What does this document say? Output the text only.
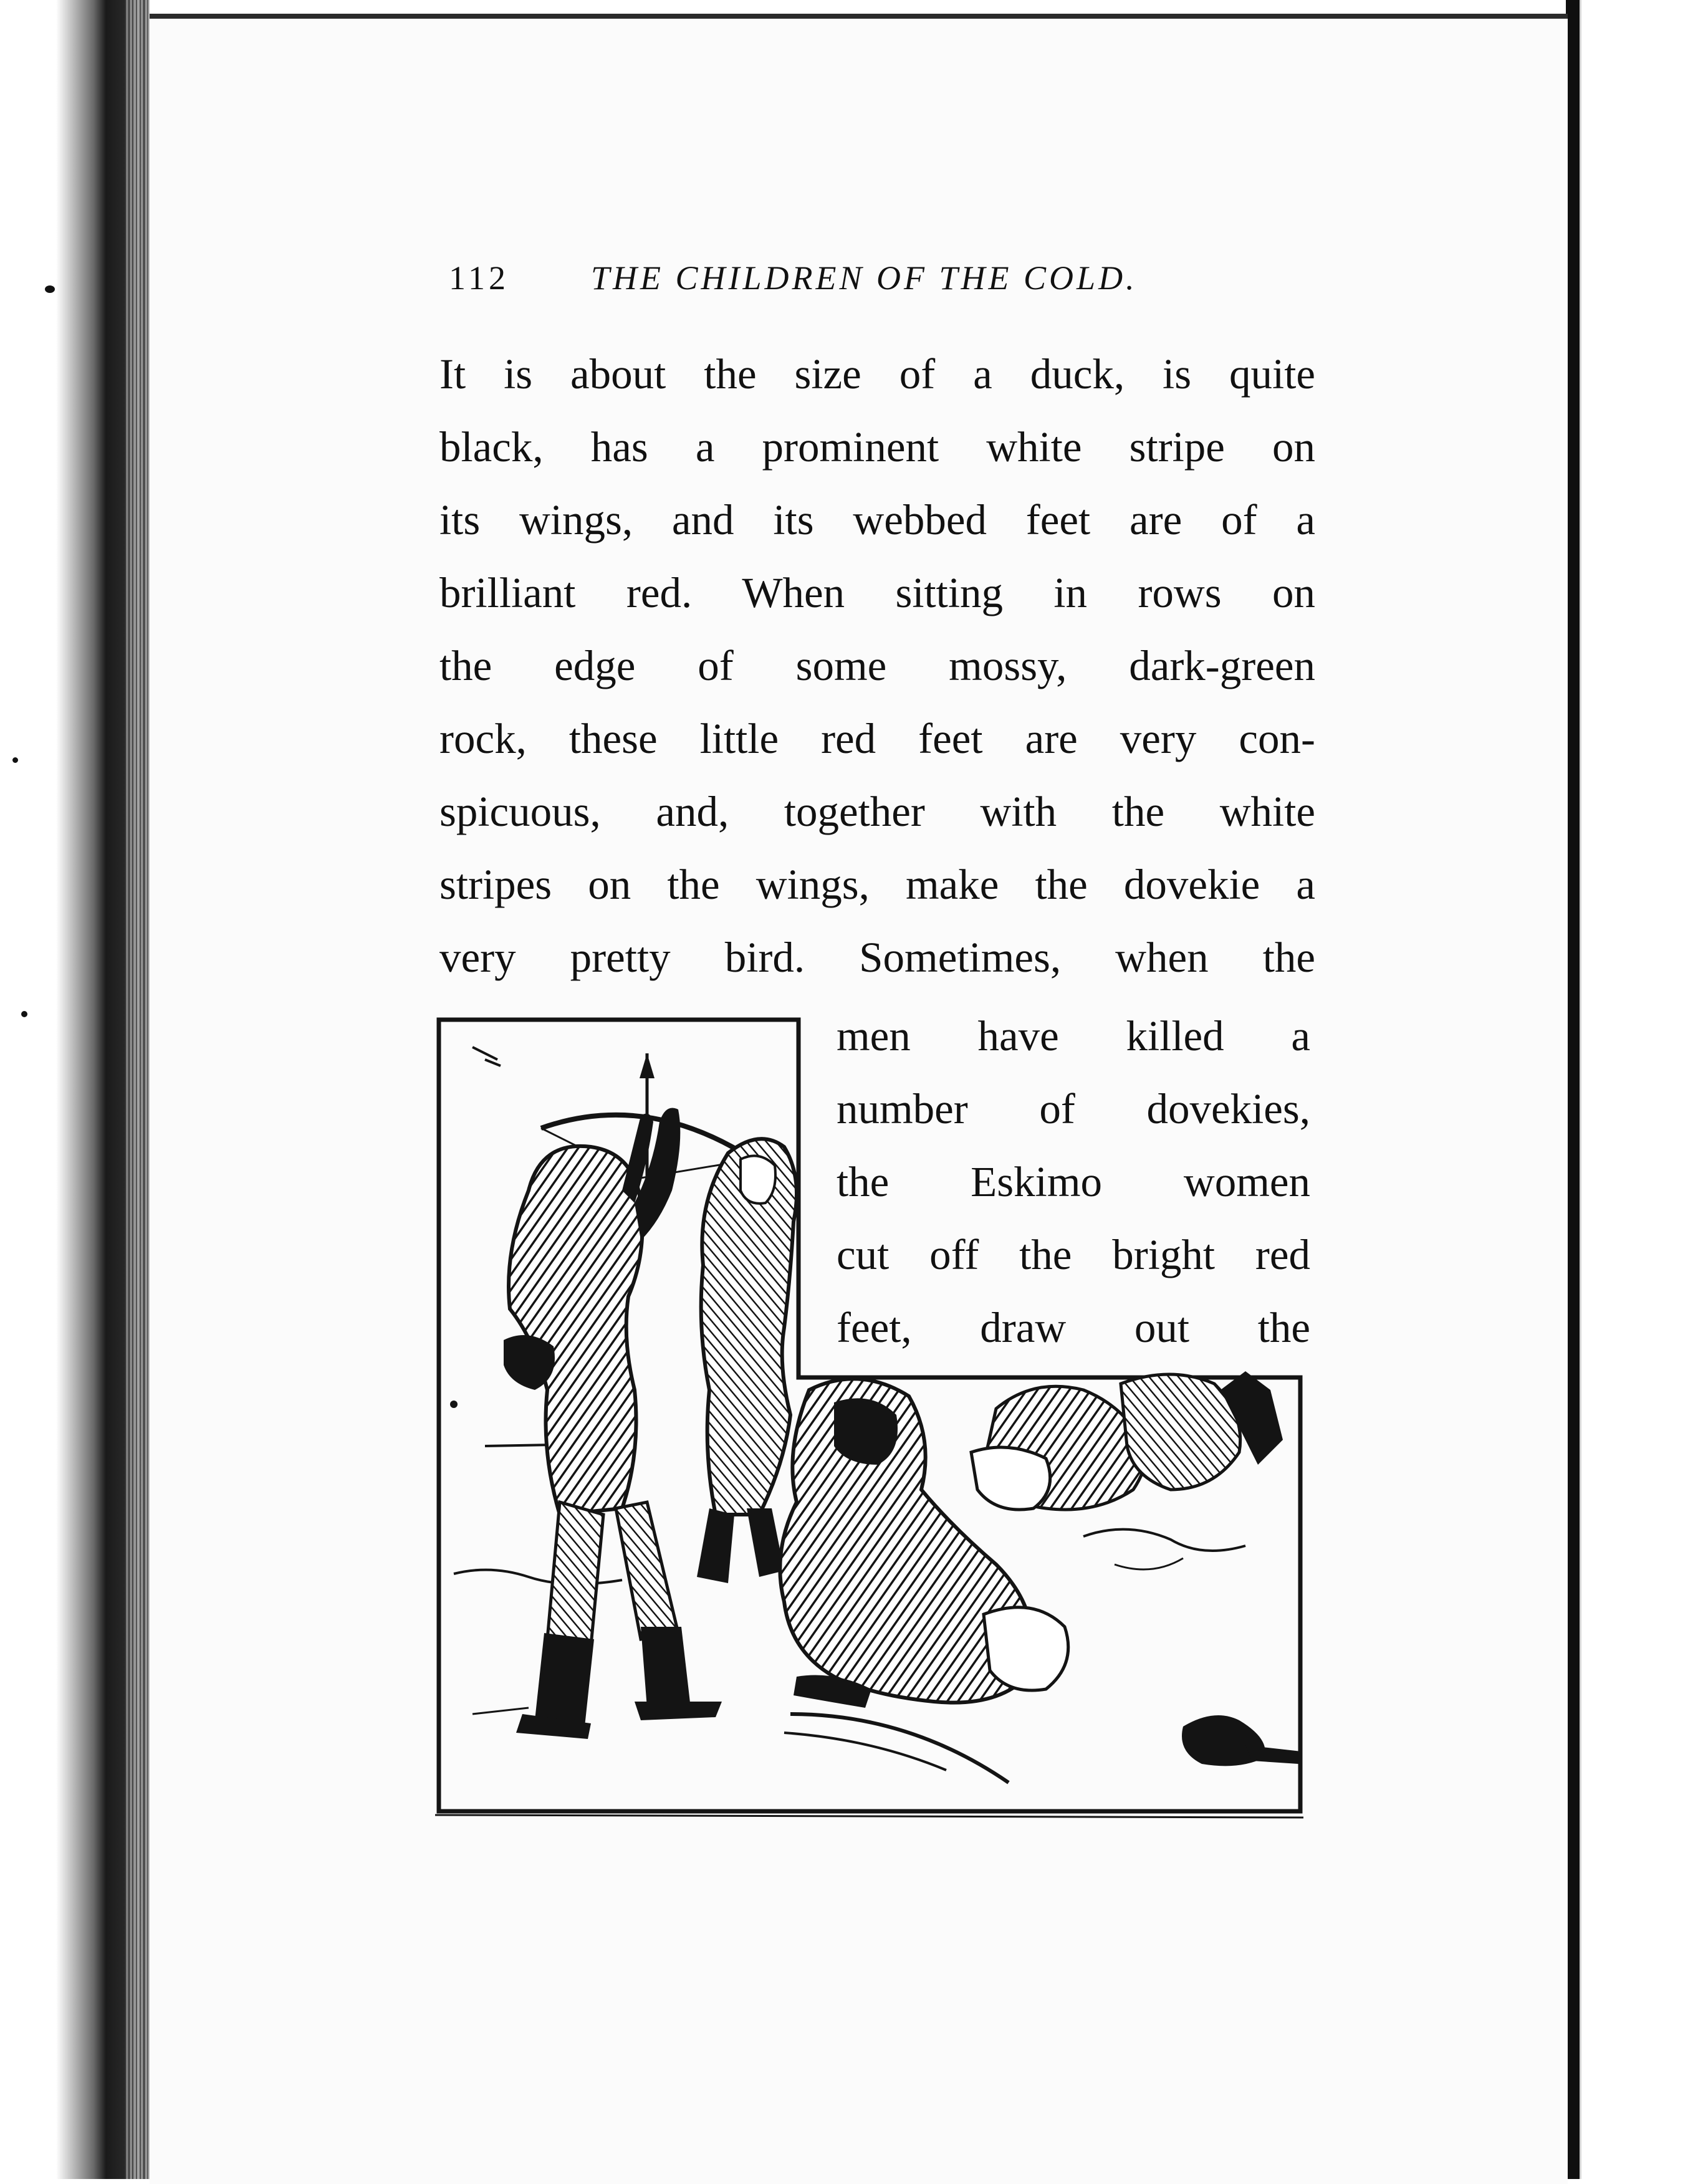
112 THE CHILDREN OF THE COLD.
It is about the size of a duck, is quite
black, has a prominent white stripe on
its wings, and its webbed feet are of a
brilliant red. When sitting in rows on
the edge of some mossy, dark-green
rock, these little red feet are very con-
spicuous, and, together with the white
stripes on the wings, make the dovekie a
very pretty bird. Sometimes, when the
men have killed a
number of dovekies,
the Eskimo women
cut off the bright red
feet, draw out the
